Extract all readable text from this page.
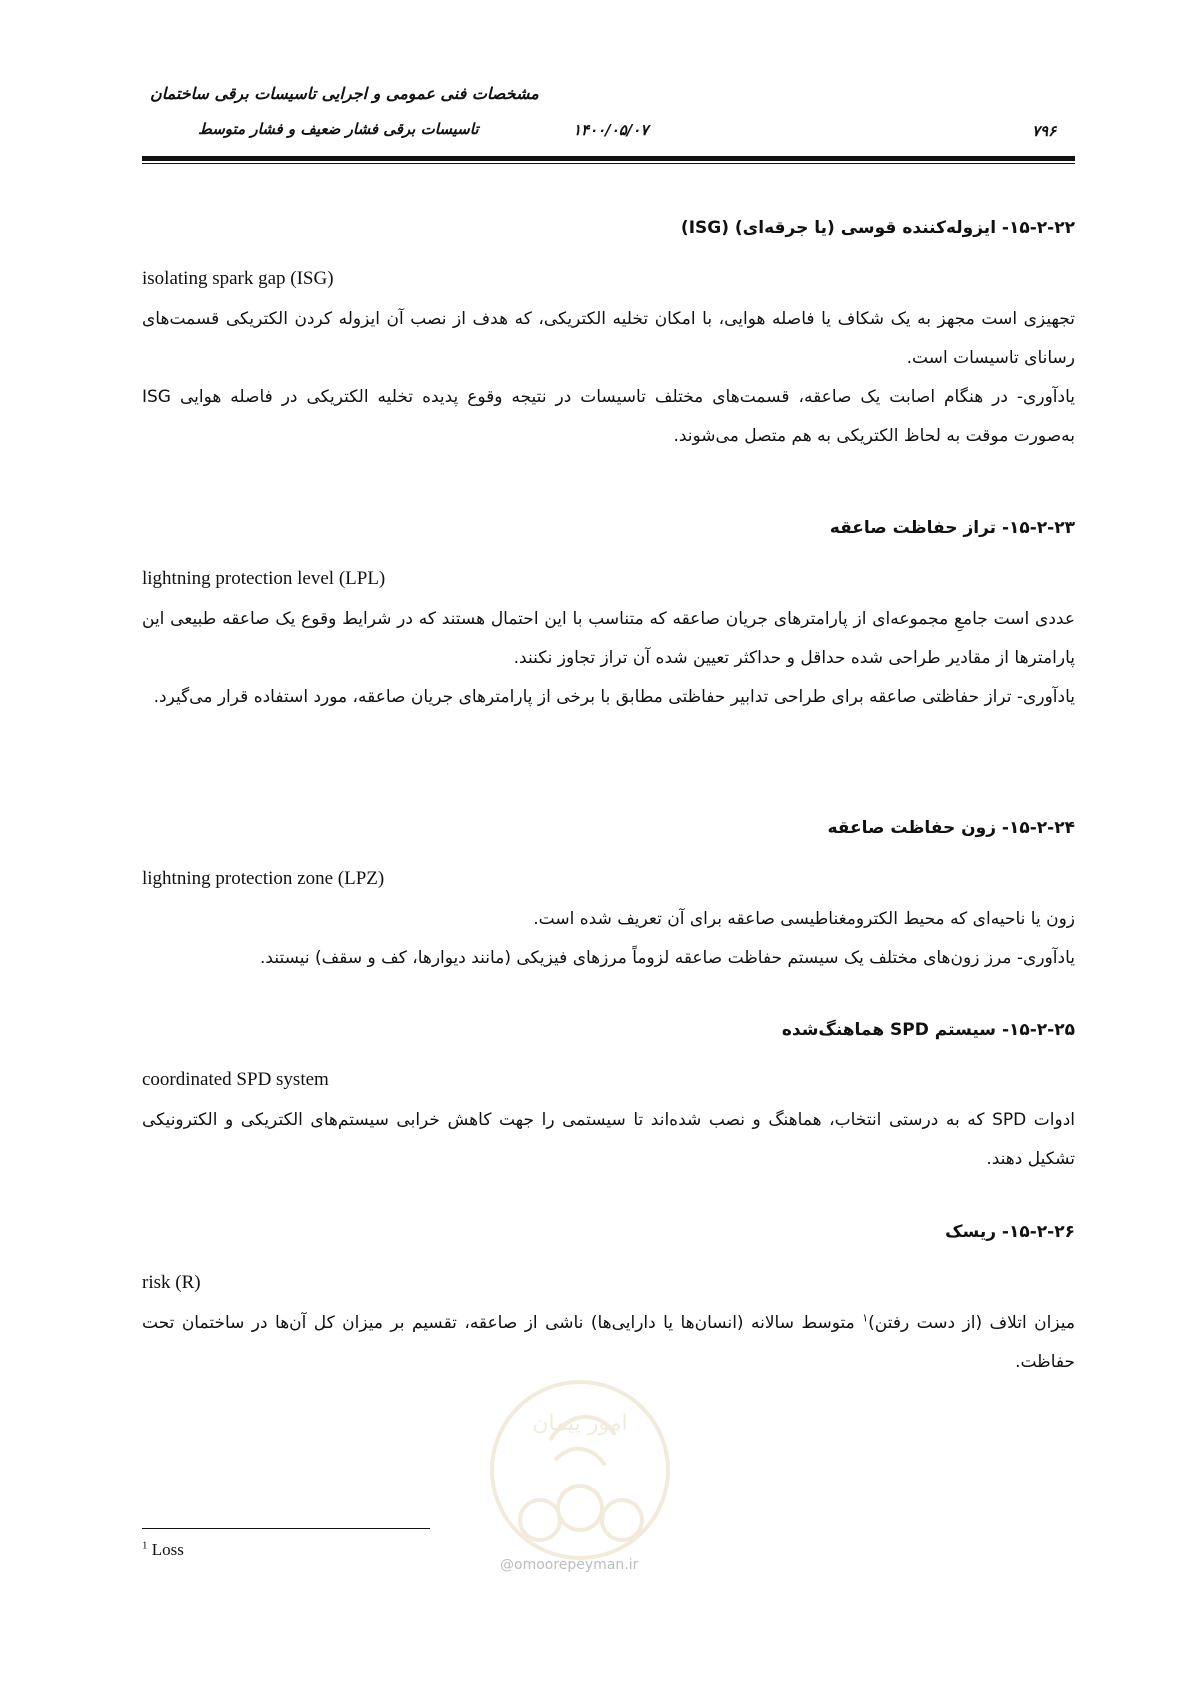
مشخصات فنی عمومی و اجرایی تاسیسات برقی ساختمان
تاسیسات برقی فشار ضعیف و فشار متوسط	۱۴۰۰/۰۵/۰۷	۷۹۶
۱۵-۲-۲۲- ایزوله‌کننده قوسی (یا جرقه‌ای) (ISG)
isolating spark gap (ISG)
تجهیزی است مجهز به یک شکاف یا فاصله هوایی، با امکان تخلیه الکتریکی، که هدف از نصب آن ایزوله کردن الکتریکی قسمت‌های رسانای تاسیسات است.
یادآوری- در هنگام اصابت یک صاعقه، قسمت‌های مختلف تاسیسات در نتیجه وقوع پدیده تخلیه الکتریکی در فاصله هوایی ISG به‌صورت موقت به لحاظ الکتریکی به هم متصل می‌شوند.
۱۵-۲-۲۳- تراز حفاظت صاعقه
lightning protection level (LPL)
عددی است جامعِ مجموعه‌ای از پارامترهای جریان صاعقه که متناسب با این احتمال هستند که در شرایط وقوع یک صاعقه طبیعی این پارامترها از مقادیر طراحی شده حداقل و حداکثر تعیین شده آن تراز تجاوز نکنند.
یادآوری- تراز حفاظتی صاعقه برای طراحی تدابیر حفاظتی مطابق با برخی از پارامترهای جریان صاعقه، مورد استفاده قرار می‌گیرد.
۱۵-۲-۲۴- زون حفاظت صاعقه
lightning protection zone (LPZ)
زون یا ناحیه‌ای که محیط الکترومغناطیسی صاعقه برای آن تعریف شده است.
یادآوری- مرز زون‌های مختلف یک سیستم حفاظت صاعقه لزوماً مرزهای فیزیکی (مانند دیوارها، کف و سقف) نیستند.
۱۵-۲-۲۵- سیستم SPD هماهنگ‌شده
coordinated SPD system
ادوات SPD که به درستی انتخاب، هماهنگ و نصب شده‌اند تا سیستمی را جهت کاهش خرابی سیستم‌های الکتریکی و الکترونیکی تشکیل دهند.
۱۵-۲-۲۶- ریسک
risk (R)
میزان اتلاف (از دست رفتن)$^۱$ متوسط سالانه (انسان‌ها یا دارایی‌ها) ناشی از صاعقه، تقسیم بر میزان کل آن‌ها در ساختمان تحت حفاظت.
امور پیمان
@omoorepeyman.ir
$^1$ Loss
